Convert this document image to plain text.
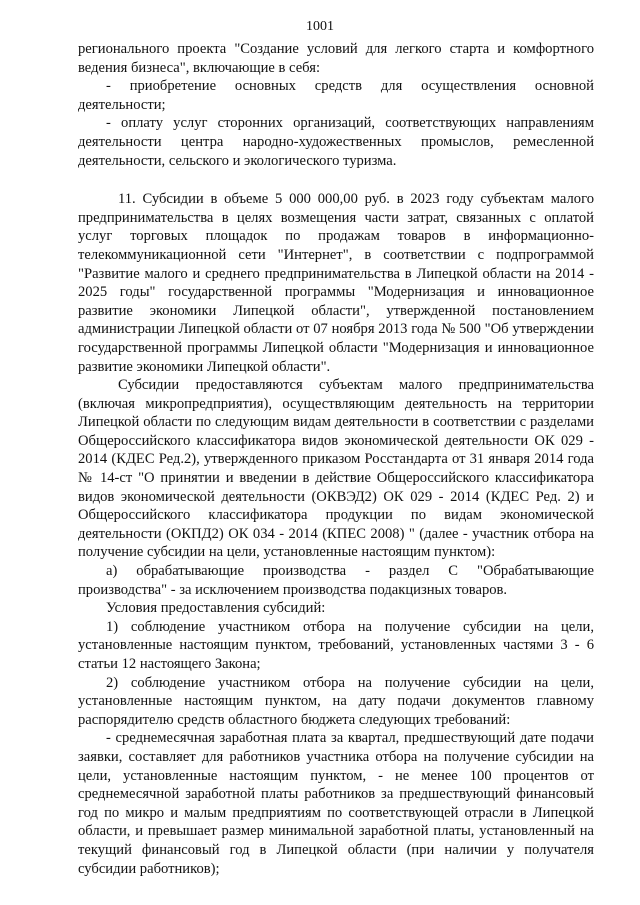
1001

регионального проекта "Создание условий для легкого старта и комфортного ведения бизнеса", включающие в себя:

- приобретение основных средств для осуществления основной деятельности;

- оплату услуг сторонних организаций, соответствующих направлениям деятельности центра народно-художественных промыслов, ремесленной деятельности, сельского и экологического туризма.

11. Субсидии в объеме 5 000 000,00 руб. в 2023 году субъектам малого предпринимательства в целях возмещения части затрат, связанных с оплатой услуг торговых площадок по продажам товаров в информационно-телекоммуникационной сети "Интернет", в соответствии с подпрограммой "Развитие малого и среднего предпринимательства в Липецкой области на 2014 - 2025 годы" государственной программы "Модернизация и инновационное развитие экономики Липецкой области", утвержденной постановлением администрации Липецкой области от 07 ноября 2013 года № 500 "Об утверждении государственной программы Липецкой области "Модернизация и инновационное развитие экономики Липецкой области".

Субсидии предоставляются субъектам малого предпринимательства (включая микропредприятия), осуществляющим деятельность на территории Липецкой области по следующим видам деятельности в соответствии с разделами Общероссийского классификатора видов экономической деятельности ОК 029 - 2014 (КДЕС Ред.2), утвержденного приказом Росстандарта от 31 января 2014 года № 14-ст "О принятии и введении в действие Общероссийского классификатора видов экономической деятельности (ОКВЭД2) ОК 029 - 2014 (КДЕС Ред. 2) и Общероссийского классификатора продукции по видам экономической деятельности (ОКПД2) ОК 034 - 2014 (КПЕС 2008) " (далее - участник отбора на получение субсидии на цели, установленные настоящим пунктом):

а) обрабатывающие производства - раздел С "Обрабатывающие производства" - за исключением производства подакцизных товаров.

Условия предоставления субсидий:

1) соблюдение участником отбора на получение субсидии на цели, установленные настоящим пунктом, требований, установленных частями 3 - 6 статьи 12 настоящего Закона;

2) соблюдение участником отбора на получение субсидии на цели, установленные настоящим пунктом, на дату подачи документов главному распорядителю средств областного бюджета следующих требований:

- среднемесячная заработная плата за квартал, предшествующий дате подачи заявки, составляет для работников участника отбора на получение субсидии на цели, установленные настоящим пунктом, - не менее 100 процентов от среднемесячной заработной платы работников за предшествующий финансовый год по микро и малым предприятиям по соответствующей отрасли в Липецкой области, и превышает размер минимальной заработной платы, установленный на текущий финансовый год в Липецкой области (при наличии у получателя субсидии работников);
